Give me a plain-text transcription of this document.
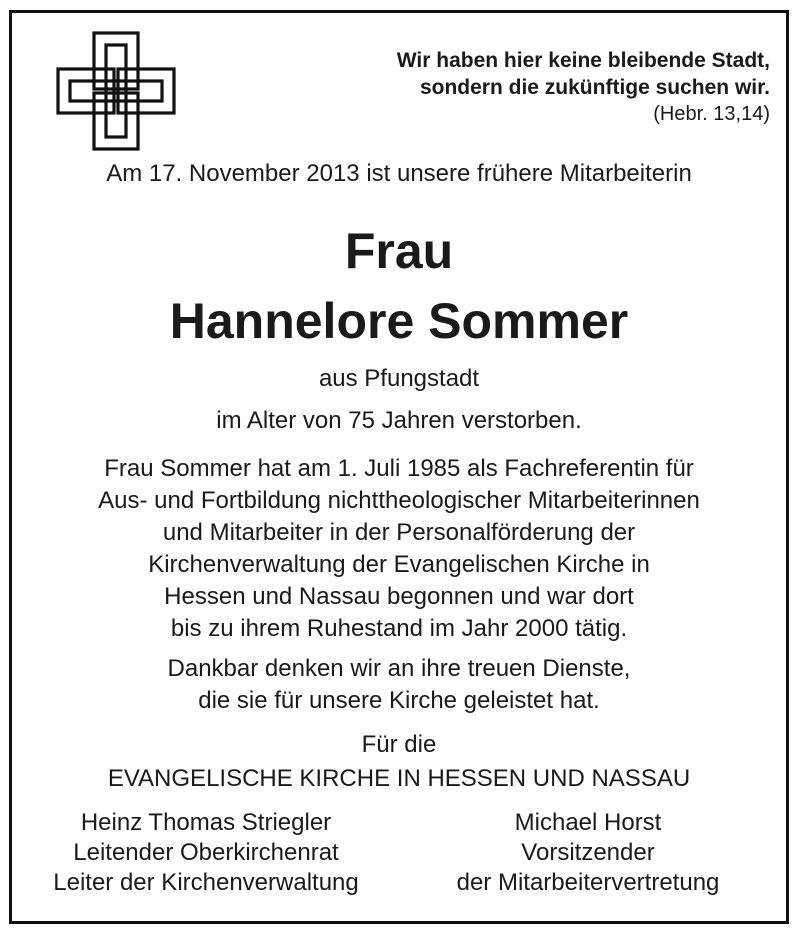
Wir haben hier keine bleibende Stadt,
sondern die zukünftige suchen wir.
(Hebr. 13,14)
Am 17. November 2013 ist unsere frühere Mitarbeiterin
Frau
Hannelore Sommer
aus Pfungstadt
im Alter von 75 Jahren verstorben.
Frau Sommer hat am 1. Juli 1985 als Fachreferentin für
Aus- und Fortbildung nichttheologischer Mitarbeiterinnen
und Mitarbeiter in der Personalförderung der
Kirchenverwaltung der Evangelischen Kirche in
Hessen und Nassau begonnen und war dort
bis zu ihrem Ruhestand im Jahr 2000 tätig.
Dankbar denken wir an ihre treuen Dienste,
die sie für unsere Kirche geleistet hat.
Für die
EVANGELISCHE KIRCHE IN HESSEN UND NASSAU
Heinz Thomas Striegler
Leitender Oberkirchenrat
Leiter der Kirchenverwaltung
Michael Horst
Vorsitzender
der Mitarbeitervertretung
